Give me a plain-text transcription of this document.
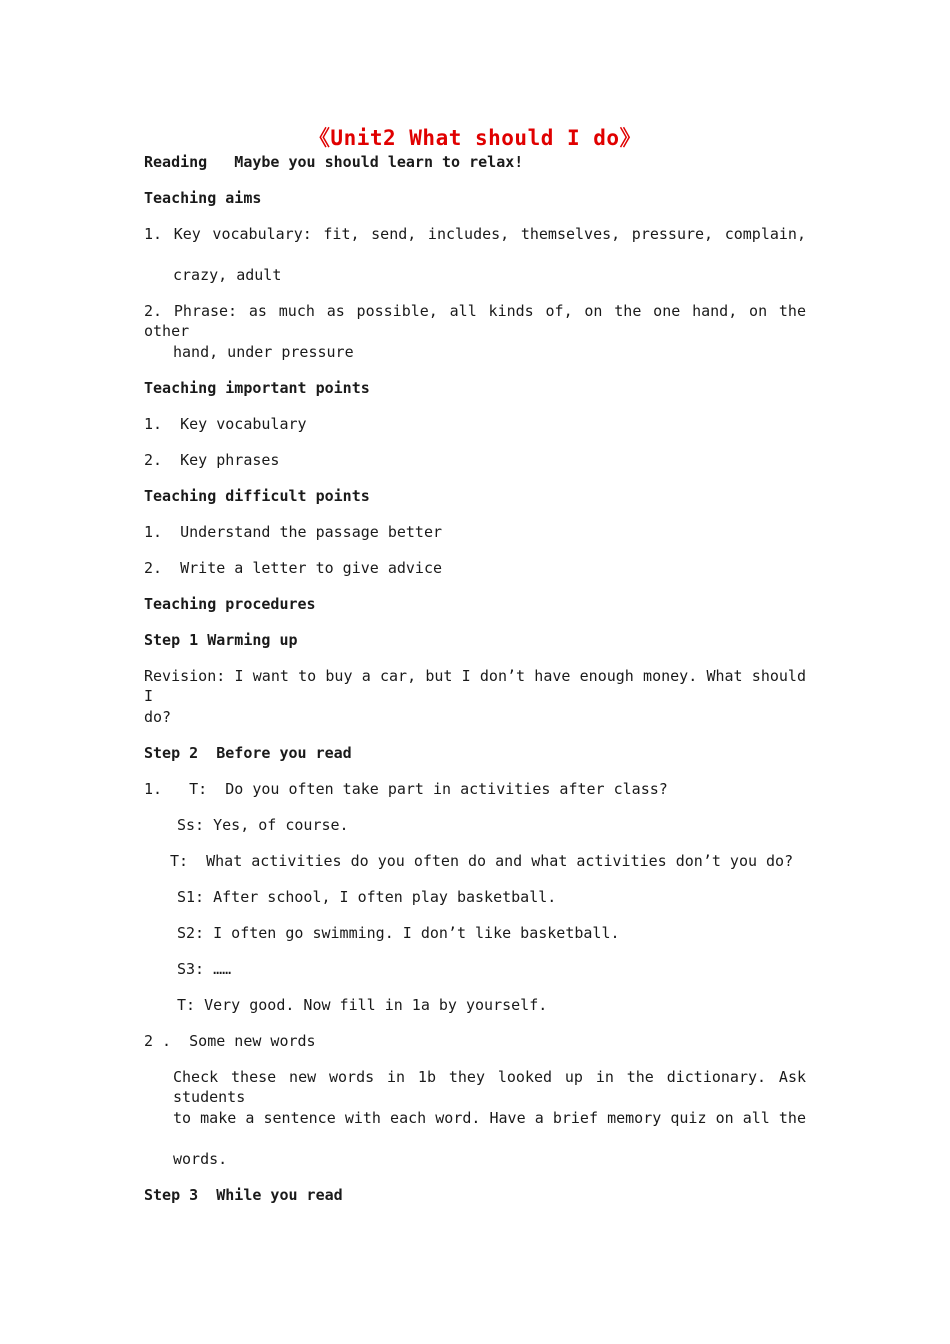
《Unit2 What should I do》
Reading   Maybe you should learn to relax!
Teaching aims
1. Key vocabulary: fit, send, includes, themselves, pressure, complain,
crazy, adult
2. Phrase: as much as possible, all kinds of, on the one hand, on the other
hand, under pressure
Teaching important points
1.  Key vocabulary
2.  Key phrases
Teaching difficult points
1.  Understand the passage better
2.  Write a letter to give advice
Teaching procedures
Step 1 Warming up
Revision: I want to buy a car, but I don’t have enough money. What should I
do?
Step 2  Before you read
1.   T:  Do you often take part in activities after class?
Ss: Yes, of course.
T:  What activities do you often do and what activities don’t you do?
S1: After school, I often play basketball.
S2: I often go swimming. I don’t like basketball.
S3: ……
T: Very good. Now fill in 1a by yourself.
2 .  Some new words
Check these new words in 1b they looked up in the dictionary. Ask students
to make a sentence with each word. Have a brief memory quiz on all the
words.
Step 3  While you read
